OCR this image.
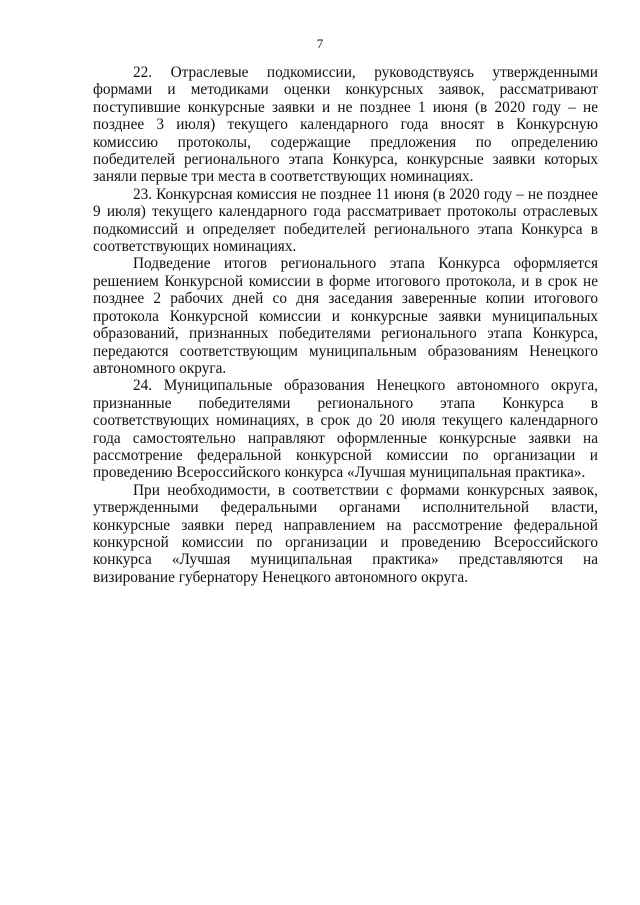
7

22. Отраслевые подкомиссии, руководствуясь утвержденными формами и методиками оценки конкурсных заявок, рассматривают поступившие конкурсные заявки и не позднее 1 июня (в 2020 году – не позднее 3 июля) текущего календарного года вносят в Конкурсную комиссию протоколы, содержащие предложения по определению победителей регионального этапа Конкурса, конкурсные заявки которых заняли первые три места в соответствующих номинациях.

23. Конкурсная комиссия не позднее 11 июня (в 2020 году – не позднее 9 июля) текущего календарного года рассматривает протоколы отраслевых подкомиссий и определяет победителей регионального этапа Конкурса в соответствующих номинациях.

Подведение итогов регионального этапа Конкурса оформляется решением Конкурсной комиссии в форме итогового протокола, и в срок не позднее 2 рабочих дней со дня заседания заверенные копии итогового протокола Конкурсной комиссии и конкурсные заявки муниципальных образований, признанных победителями регионального этапа Конкурса, передаются соответствующим муниципальным образованиям Ненецкого автономного округа.

24. Муниципальные образования Ненецкого автономного округа, признанные победителями регионального этапа Конкурса в соответствующих номинациях, в срок до 20 июля текущего календарного года самостоятельно направляют оформленные конкурсные заявки на рассмотрение федеральной конкурсной комиссии по организации и проведению Всероссийского конкурса «Лучшая муниципальная практика».

При необходимости, в соответствии с формами конкурсных заявок, утвержденными федеральными органами исполнительной власти, конкурсные заявки перед направлением на рассмотрение федеральной конкурсной комиссии по организации и проведению Всероссийского конкурса «Лучшая муниципальная практика» представляются на визирование губернатору Ненецкого автономного округа.
